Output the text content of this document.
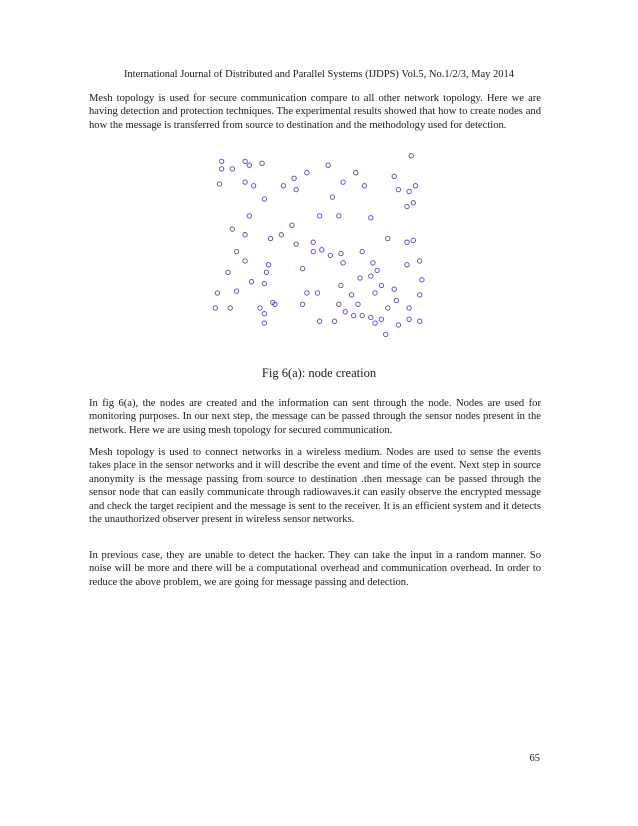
International Journal of Distributed and Parallel Systems (IJDPS) Vol.5, No.1/2/3, May 2014

Mesh topology is used for secure communication compare to all other network topology. Here we are having detection and protection techniques. The experimental results showed that how to create nodes and how the message is transferred from source to destination and the methodology used for detection.

Fig 6(a): node creation

In fig 6(a), the nodes are created and the information can sent through the node. Nodes are used for monitoring purposes. In our next step, the message can be passed through the sensor nodes present in the network. Here we are using mesh topology for secured communication.

Mesh topology is used to connect networks in a wireless medium. Nodes are used to sense the events takes place in the sensor networks and it will describe the event and time of the event. Next step in source anonymity is the message passing from source to destination .then message can be passed through the sensor node that can easily communicate through radiowaves.it can easily observe the encrypted message and check the target recipient and the message is sent to the receiver. It is an efficient system and it detects the unauthorized observer present in wireless sensor networks.

In previous case, they are unable to detect the hacker. They can take the input in a random manner. So noise will be more and there will be a computational overhead and communication overhead. In order to reduce the above problem, we are going for message passing and detection.

65
